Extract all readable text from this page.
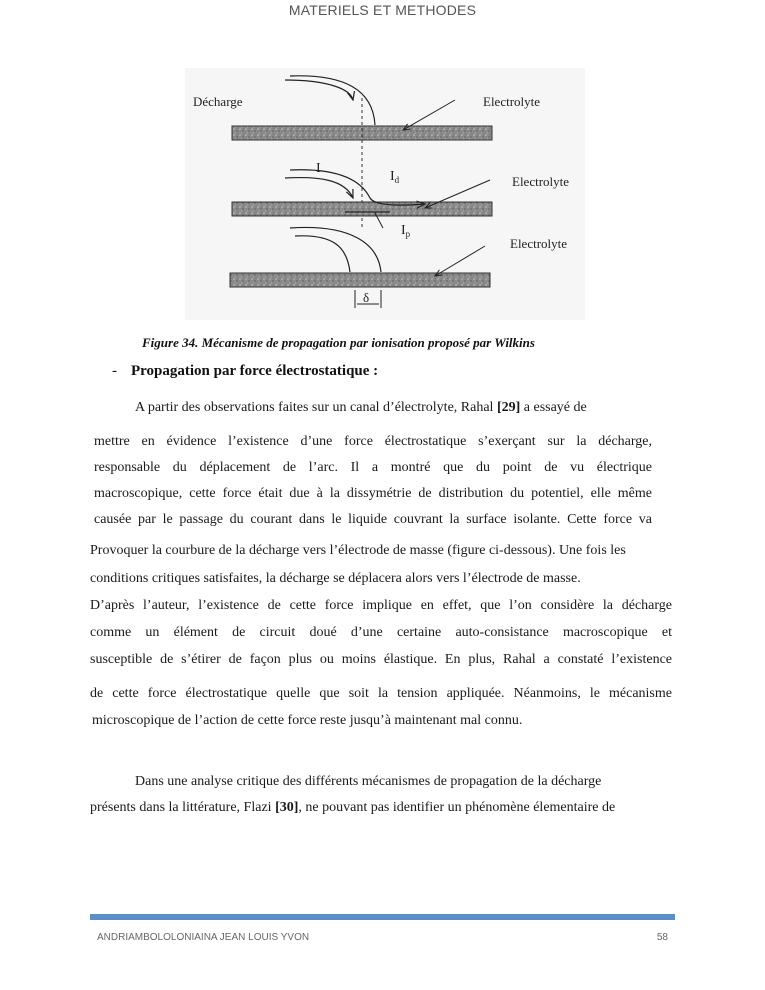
MATERIELS ET METHODES
Décharge	Electrolyte
I
$I_d$
$I_p$
Electrolyte
Electrolyte
δ
Figure 34. Mécanisme de propagation par ionisation proposé par Wilkins
- Propagation par force électrostatique :
A partir des observations faites sur un canal d’électrolyte, Rahal [29] a essayé de
mettre en évidence l’existence d’une force électrostatique s’exerçant sur la décharge,
responsable du déplacement de l’arc. Il a montré que du point de vu électrique
macroscopique, cette force était due à la dissymétrie de distribution du potentiel, elle même
causée par le passage du courant dans le liquide couvrant la surface isolante. Cette force va
Provoquer la courbure de la décharge vers l’électrode de masse (figure ci-dessous). Une fois les
conditions critiques satisfaites, la décharge se déplacera alors vers l’électrode de masse.
D’après l’auteur, l’existence de cette force implique en effet, que l’on considère la décharge
comme un élément de circuit doué d’une certaine auto-consistance macroscopique et
susceptible de s’étirer de façon plus ou moins élastique. En plus, Rahal a constaté l’existence
de cette force électrostatique quelle que soit la tension appliquée. Néanmoins, le mécanisme
microscopique de l’action de cette force reste jusqu’à maintenant mal connu.
Dans une analyse critique des différents mécanismes de propagation de la décharge
présents dans la littérature, Flazi [30], ne pouvant pas identifier un phénomène élementaire de
ANDRIAMBOLOLONIAINA JEAN LOUIS YVON	58
